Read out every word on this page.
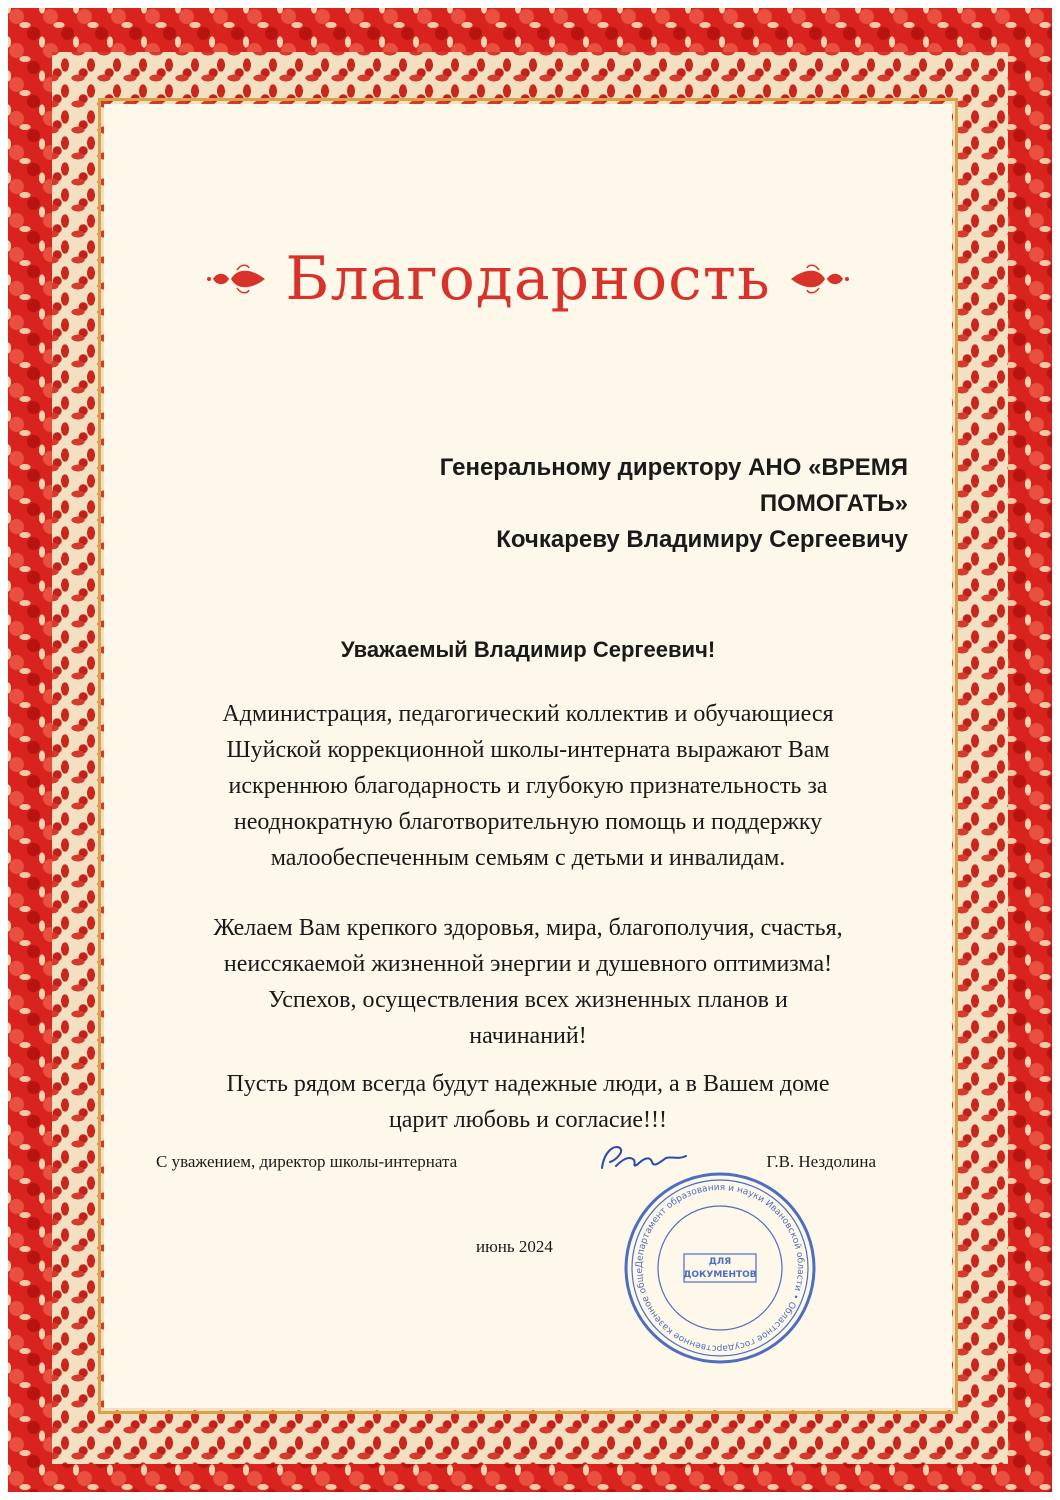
Благодарность
Генеральному директору АНО «ВРЕМЯ
ПОМОГАТЬ»
Кочкареву Владимиру Сергеевичу
Уважаемый Владимир Сергеевич!
Администрация, педагогический коллектив и обучающиеся
Шуйской коррекционной школы-интерната выражают Вам
искреннюю благодарность и глубокую признательность за
неоднократную благотворительную помощь и поддержку
малообеспеченным семьям с детьми и инвалидам.
Желаем Вам крепкого здоровья, мира, благополучия, счастья,
неиссякаемой жизненной энергии и душевного оптимизма!
Успехов, осуществления всех жизненных планов и
начинаний!
Пусть рядом всегда будут надежные люди, а в Вашем доме
царит любовь и согласие!!!
С уважением, директор школы-интерната	Г.В. Нездолина
июнь 2024
Департамент образования и науки Ивановской области • Областное государственное казенное обще
ДЛЯ ДОКУМЕНТОВ
